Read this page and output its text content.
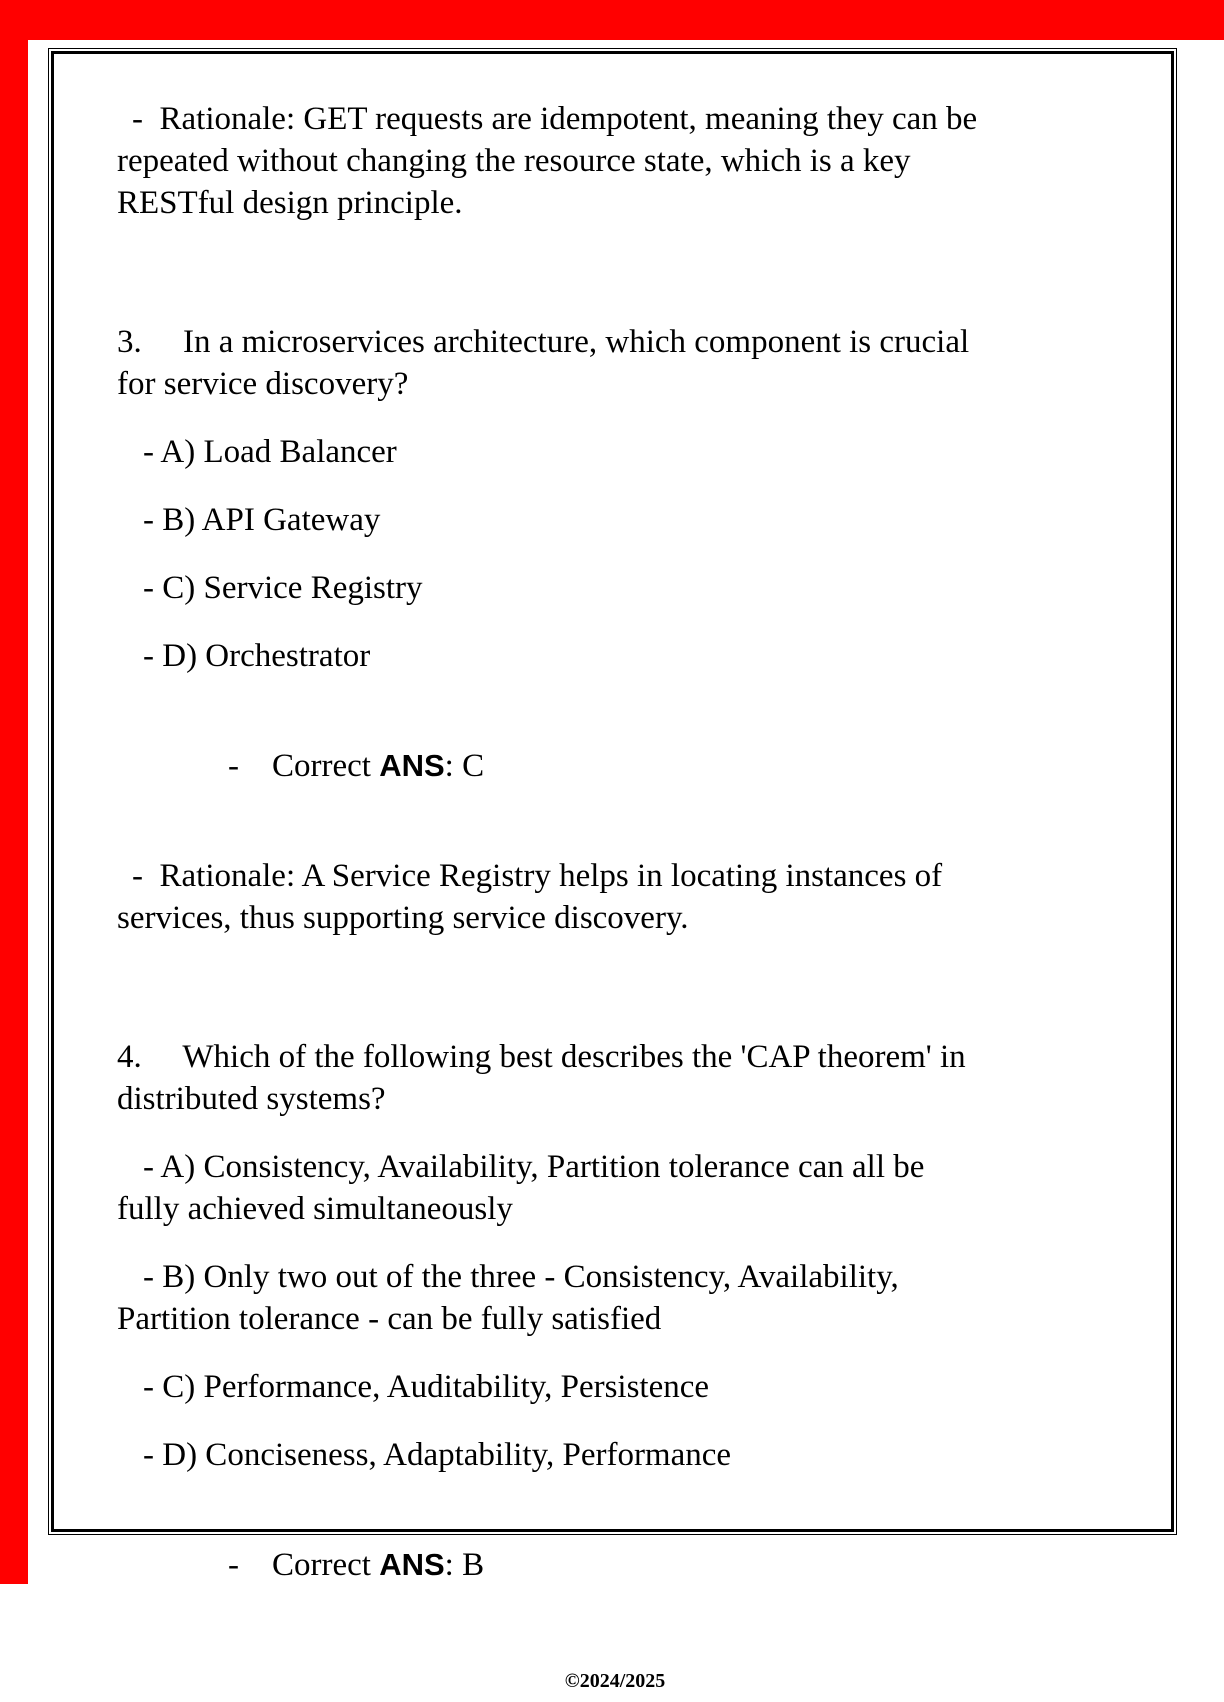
-  Rationale: GET requests are idempotent, meaning they can be
repeated without changing the resource state, which is a key
RESTful design principle.
3.     In a microservices architecture, which component is crucial
for service discovery?
- A) Load Balancer
- B) API Gateway
- C) Service Registry
- D) Orchestrator

-    Correct ANS: C

-  Rationale: A Service Registry helps in locating instances of
services, thus supporting service discovery.
4.     Which of the following best describes the 'CAP theorem' in
distributed systems?
- A) Consistency, Availability, Partition tolerance can all be
fully achieved simultaneously
- B) Only two out of the three - Consistency, Availability,
Partition tolerance - can be fully satisfied
- C) Performance, Auditability, Persistence
- D) Conciseness, Adaptability, Performance

-    Correct ANS: B

©2024/2025
